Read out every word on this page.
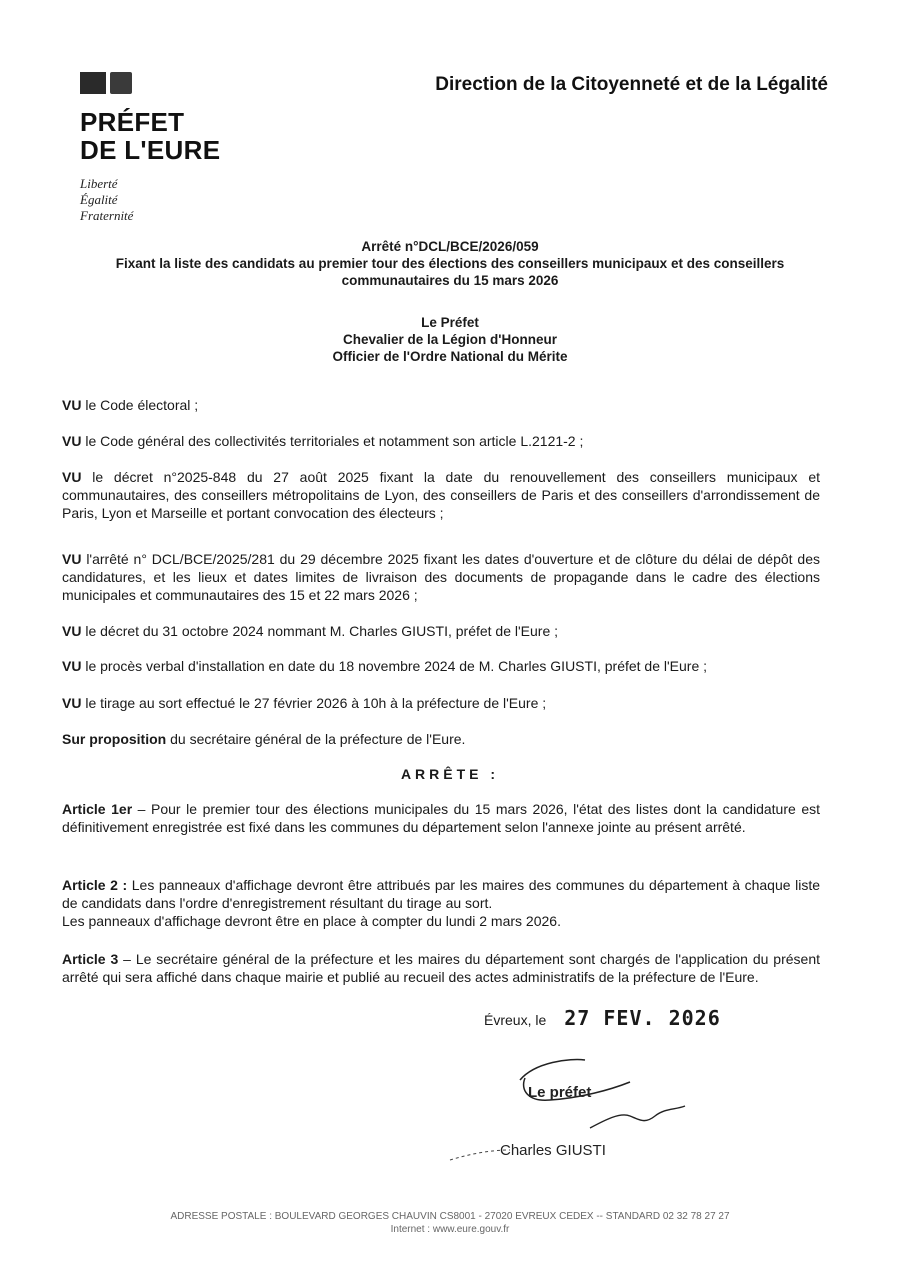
PRÉFET
DE L'EURE
Liberté
Égalité
Fraternité
Direction de la Citoyenneté et de la Légalité
Arrêté n°DCL/BCE/2026/059
Fixant la liste des candidats au premier tour des élections des conseillers municipaux et des conseillers
communautaires du 15 mars 2026
Le Préfet
Chevalier de la Légion d'Honneur
Officier de l'Ordre National du Mérite

VU le Code électoral ;

VU le Code général des collectivités territoriales et notamment son article L.2121-2 ;

VU le décret n°2025-848 du 27 août 2025 fixant la date du renouvellement des conseillers municipaux et communautaires, des conseillers métropolitains de Lyon, des conseillers de Paris et des conseillers d'arrondissement de Paris, Lyon et Marseille et portant convocation des électeurs ;

VU l'arrêté n° DCL/BCE/2025/281 du 29 décembre 2025 fixant les dates d'ouverture et de clôture du délai de dépôt des candidatures, et les lieux et dates limites de livraison des documents de propagande dans le cadre des élections municipales et communautaires des 15 et 22 mars 2026 ;

VU le décret du 31 octobre 2024 nommant M. Charles GIUSTI, préfet de l'Eure ;

VU le procès verbal d'installation en date du 18 novembre 2024 de M. Charles GIUSTI, préfet de l'Eure ;

VU le tirage au sort effectué le 27 février 2026 à 10h à la préfecture de l'Eure ;

Sur proposition du secrétaire général de la préfecture de l'Eure.

ARRÊTE :

Article 1er – Pour le premier tour des élections municipales du 15 mars 2026, l'état des listes dont la candidature est définitivement enregistrée est fixé dans les communes du département selon l'annexe jointe au présent arrêté.

Article 2 : Les panneaux d'affichage devront être attribués par les maires des communes du département à chaque liste de candidats dans l'ordre d'enregistrement résultant du tirage au sort.

Les panneaux d'affichage devront être en place à compter du lundi 2 mars 2026.

Article 3 – Le secrétaire général de la préfecture et les maires du département sont chargés de l'application du présent arrêté qui sera affiché dans chaque mairie et publié au recueil des actes administratifs de la préfecture de l'Eure.

Évreux, le 27 FEV. 2026
Le préfet
Charles GIUSTI
ADRESSE POSTALE : BOULEVARD GEORGES CHAUVIN CS8001 - 27020 EVREUX CEDEX -- STANDARD 02 32 78 27 27
Internet : www.eure.gouv.fr
